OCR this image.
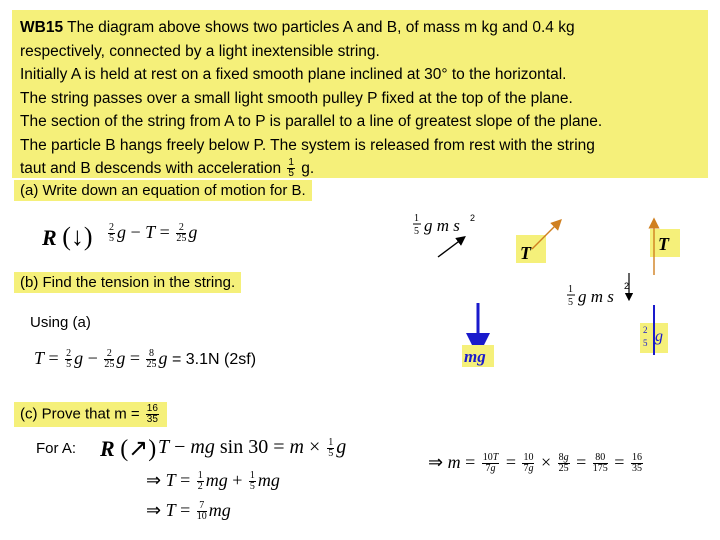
WB15 The diagram above shows two particles A and B, of mass m kg and 0.4 kg
respectively, connected by a light inextensible string.
Initially A is held at rest on a fixed smooth plane inclined at 30° to the horizontal.
The string passes over a small light smooth pulley P fixed at the top of the plane.
The section of the string from A to P is parallel to a line of greatest slope of the plane.
The particle B hangs freely below P. The system is released from rest with the string
taut and B descends with acceleration $\frac{1}{5} g$.
(a) Write down an equation of motion for B.
R (↓) $\frac{2}{5}$ $g - T = \frac{2}{25}$ g
(b) Find the tension in the string.
Using (a)
$T = \frac{2}{5}$ $g - \frac{2}{25}$ $g = \frac{8}{25}$ g = 3.1N (2sf)
(c) Prove that $m = \frac{16}{35}$
For A: R (↗) T − mg $\sin 30 = m \times \frac{1}{5}$ g
⇒ $T = \frac{1}{2}$ mg + $\frac{1}{5}$ mg
⇒ $T = \frac{7}{10}$ mg
⇒ $m = \frac{10T}{7g} = \frac{10}{7g} \times \frac{8g}{25} = \frac{80}{175} = \frac{16}{35}$
1
5 g m s 2
T	T
1
5 g m s
2
2
5 g
mg
